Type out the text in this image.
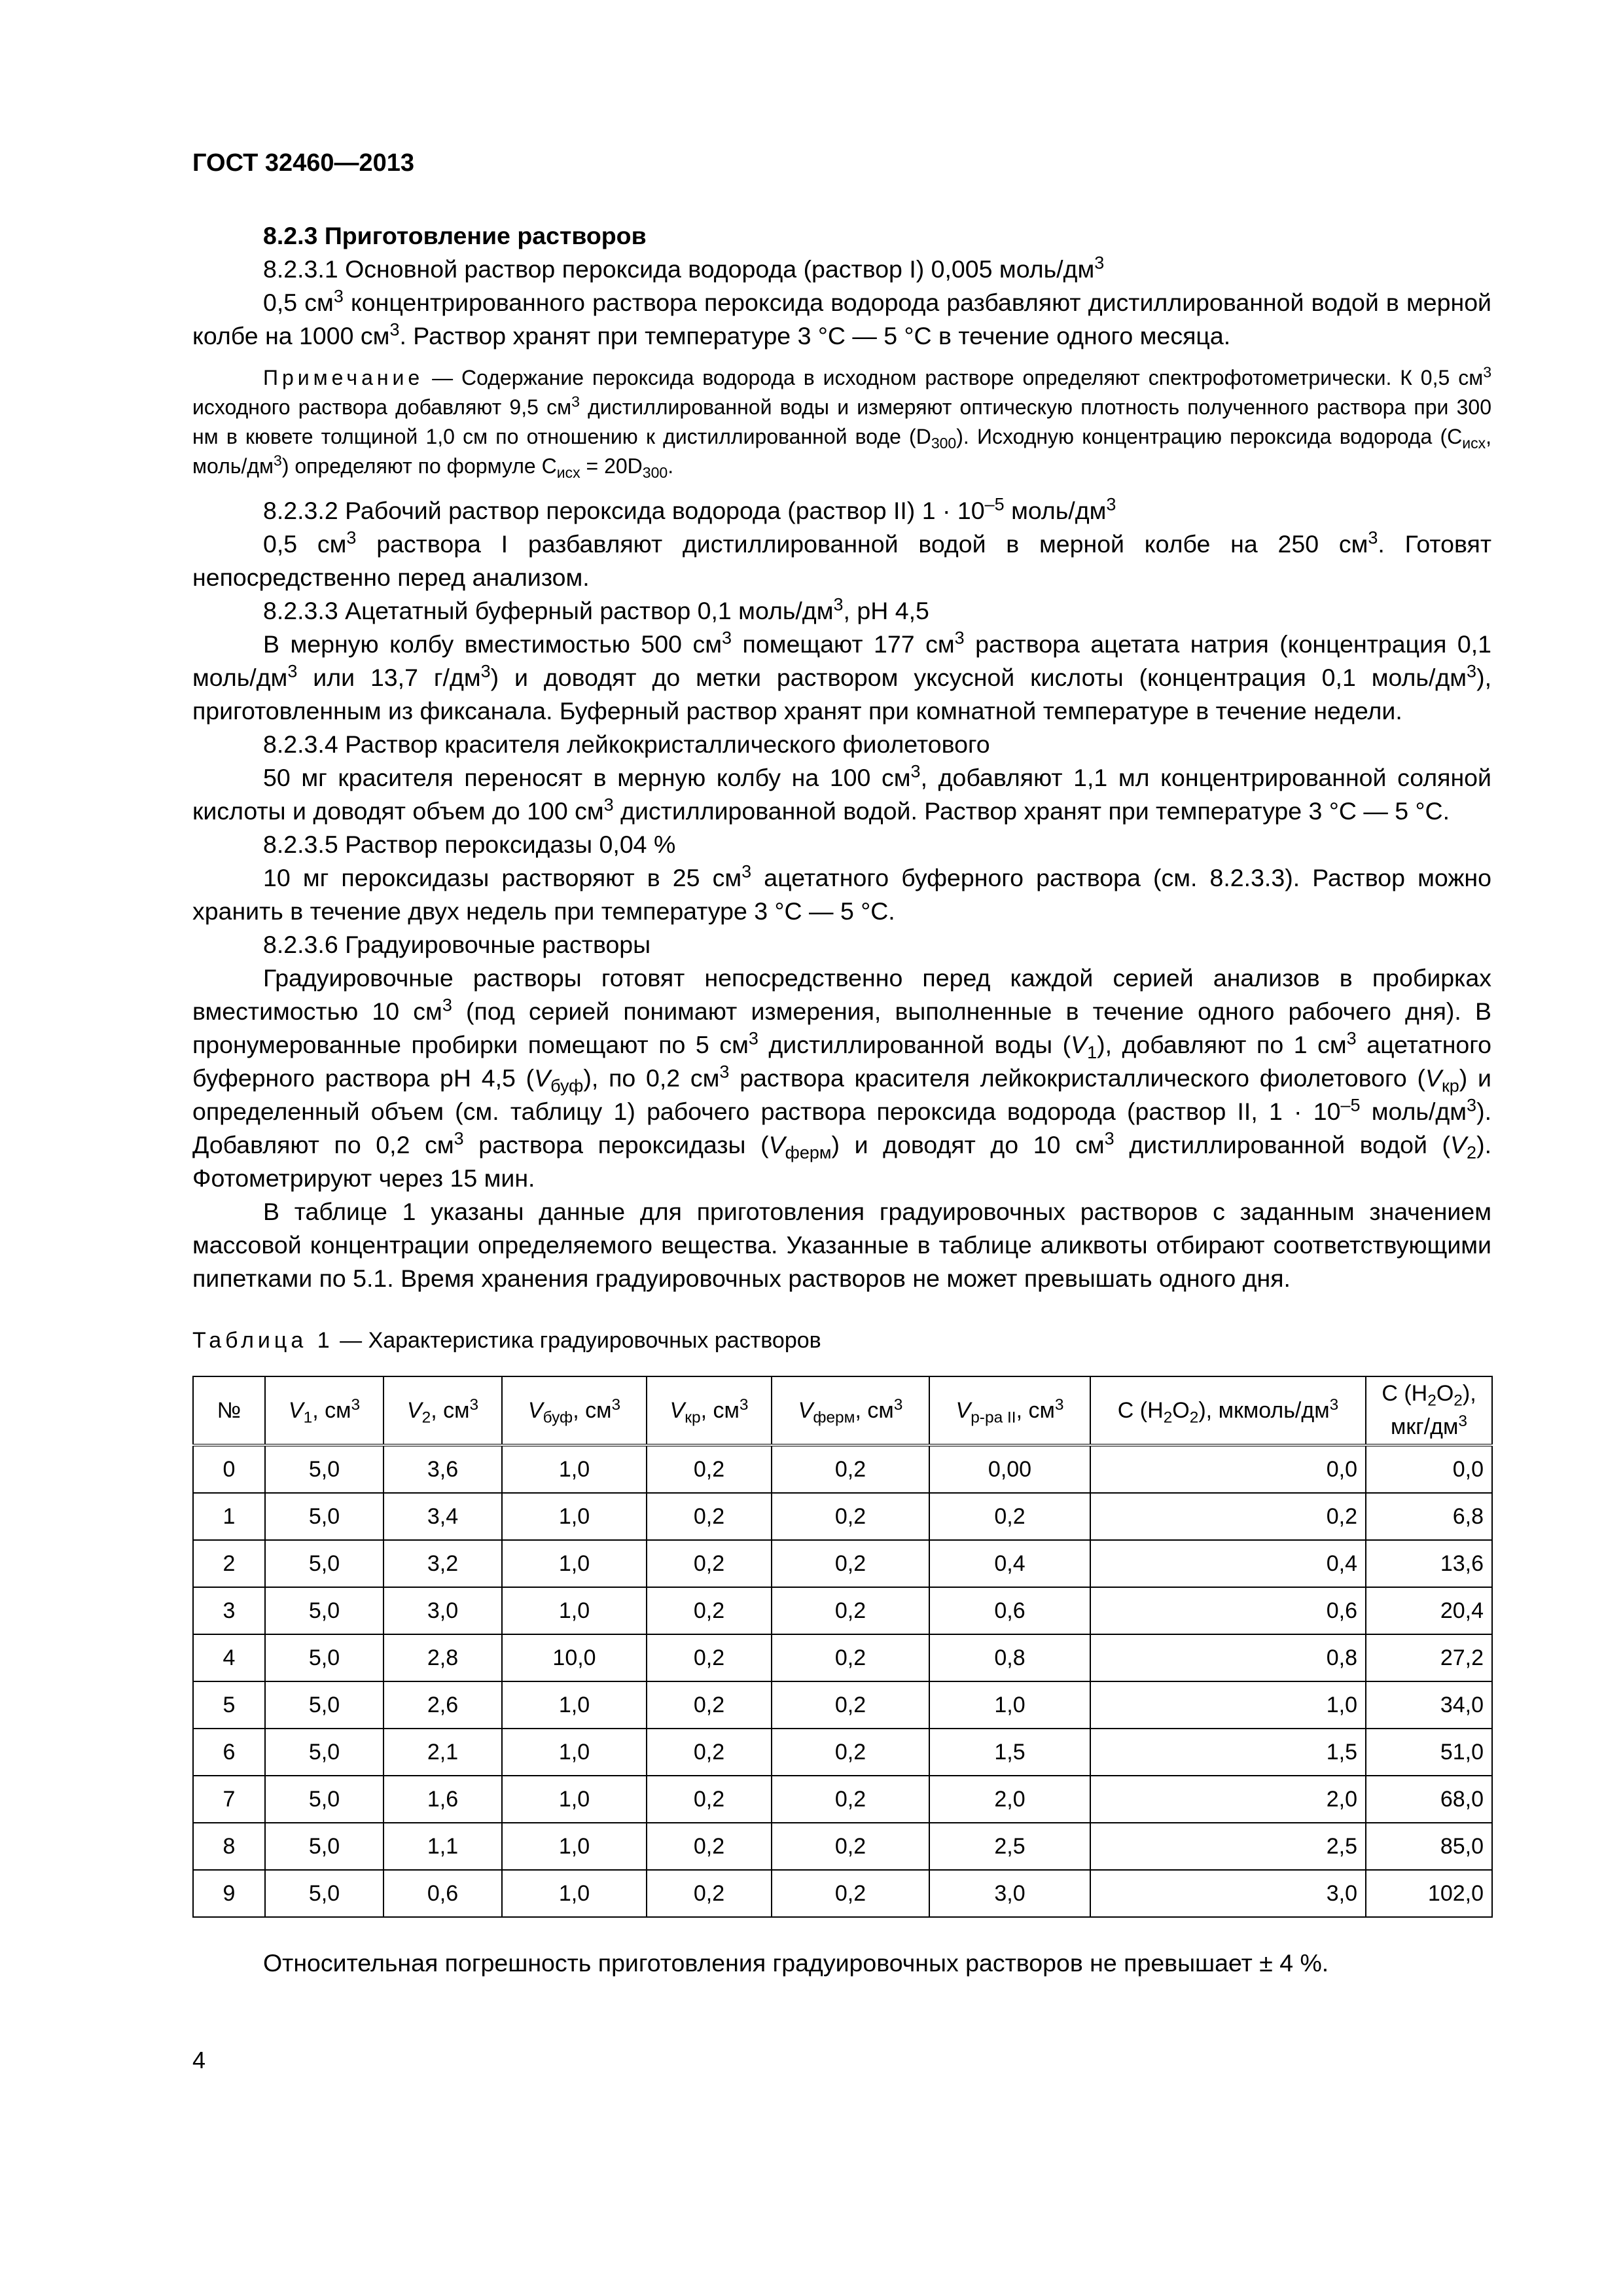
ГОСТ 32460—2013

8.2.3 Приготовление растворов

8.2.3.1 Основной раствор пероксида водорода (раствор I) 0,005 моль/$дм^3$

0,5 $см^3$ концентрированного раствора пероксида водорода разбавляют дистиллированной водой в мерной колбе на 1000 $см^3$. Раствор хранят при температуре 3 °С — 5 °С в течение одного месяца.

Примечание — Содержание пероксида водорода в исходном растворе определяют спектрофотометрически. К 0,5 $см^3$ исходного раствора добавляют 9,5 $см^3$ дистиллированной воды и измеряют оптическую плотность полученного раствора при 300 нм в кювете толщиной 1,0 см по отношению к дистиллированной воде $(D_{300})$. Исходную концентрацию пероксида водорода ($С_{исх}$, моль/$дм^3$) определяют по формуле $С_{исх} = 20D_{300}$.

8.2.3.2 Рабочий раствор пероксида водорода (раствор II) $1 \cdot 10^{-5}$ моль/$дм^3$

0,5 $см^3$ раствора I разбавляют дистиллированной водой в мерной колбе на 250 $см^3$. Готовят непосредственно перед анализом.

8.2.3.3 Ацетатный буферный раствор 0,1 моль/$дм^3$, рН 4,5

В мерную колбу вместимостью 500 $см^3$ помещают 177 $см^3$ раствора ацетата натрия (концентрация 0,1 моль/$дм^3$ или 13,7 $г/дм^3$) и доводят до метки раствором уксусной кислоты (концентрация 0,1 моль/$дм^3$), приготовленным из фиксанала. Буферный раствор хранят при комнатной температуре в течение недели.

8.2.3.4 Раствор красителя лейкокристаллического фиолетового

50 мг красителя переносят в мерную колбу на 100 $см^3$, добавляют 1,1 мл концентрированной соляной кислоты и доводят объем до 100 $см^3$ дистиллированной водой. Раствор хранят при температуре 3 °С — 5 °С.

8.2.3.5 Раствор пероксидазы 0,04 %

10 мг пероксидазы растворяют в 25 $см^3$ ацетатного буферного раствора (см. 8.2.3.3). Раствор можно хранить в течение двух недель при температуре 3 °С — 5 °С.

8.2.3.6 Градуировочные растворы

Градуировочные растворы готовят непосредственно перед каждой серией анализов в пробирках вместимостью 10 $см^3$ (под серией понимают измерения, выполненные в течение одного рабочего дня). В пронумерованные пробирки помещают по 5 $см^3$ дистиллированной воды $(V_1)$, добавляют по 1 $см^3$ ацетатного буферного раствора рН 4,5 $(V_{буф})$, по 0,2 $см^3$ раствора красителя лейкокристаллического фиолетового $(V_{кр})$ и определенный объем (см. таблицу 1) рабочего раствора пероксида водорода (раствор II, $1 \cdot 10^{-5}$ моль/$дм^3$). Добавляют по 0,2 $см^3$ раствора пероксидазы $(V_{ферм})$ и доводят до 10 $см^3$ дистиллированной водой $(V_2)$. Фотометрируют через 15 мин.

В таблице 1 указаны данные для приготовления градуировочных растворов с заданным значением массовой концентрации определяемого вещества. Указанные в таблице аликвоты отбирают соответствующими пипетками по 5.1. Время хранения градуировочных растворов не может превышать одного дня.

Таблица 1 — Характеристика градуировочных растворов

№	$V_1$, $см^3$	$V_2$, $см^3$	$V_{буф}$, $см^3$	$V_{кр}$, $см^3$	$V_{ферм}$, $см^3$	$V_{р-ра II}$, $см^3$	С $(Н_2О_2)$, мкмоль/$дм^3$	С $(Н_2О_2)$, мкг/$дм^3$
0	5,0	3,6	1,0	0,2	0,2	0,00	0,0	0,0
1	5,0	3,4	1,0	0,2	0,2	0,2	0,2	6,8
2	5,0	3,2	1,0	0,2	0,2	0,4	0,4	13,6
3	5,0	3,0	1,0	0,2	0,2	0,6	0,6	20,4
4	5,0	2,8	10,0	0,2	0,2	0,8	0,8	27,2
5	5,0	2,6	1,0	0,2	0,2	1,0	1,0	34,0
6	5,0	2,1	1,0	0,2	0,2	1,5	1,5	51,0
7	5,0	1,6	1,0	0,2	0,2	2,0	2,0	68,0
8	5,0	1,1	1,0	0,2	0,2	2,5	2,5	85,0
9	5,0	0,6	1,0	0,2	0,2	3,0	3,0	102,0

Относительная погрешность приготовления градуировочных растворов не превышает ± 4 %.

4
